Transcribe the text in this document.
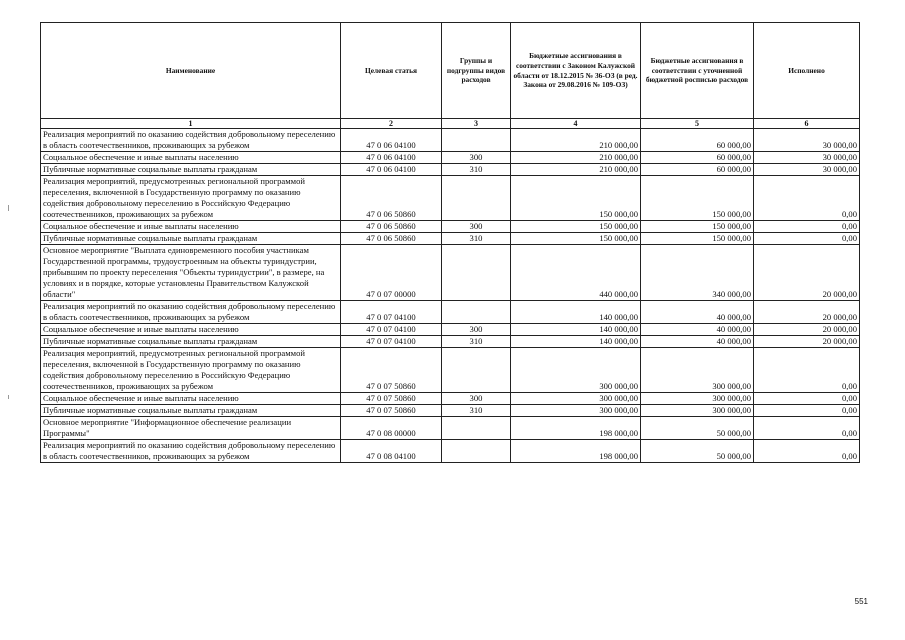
Наименование	Целевая статья	Группы и подгруппы видов расходов	Бюджетные ассигнования в соответствии с Законом Калужской области от 18.12.2015 № 36-ОЗ (в ред. Закона от 29.08.2016 № 109-ОЗ)	Бюджетные ассигнования в соответствии с уточненной бюджетной росписью расходов	Исполнено
1	2	3	4	5	6
Реализация мероприятий по оказанию содействия добровольному переселению в область соотечественников, проживающих за рубежом	47 0 06 04100		210 000,00	60 000,00	30 000,00
Социальное обеспечение и иные выплаты населению	47 0 06 04100	300	210 000,00	60 000,00	30 000,00
Публичные нормативные социальные выплаты гражданам	47 0 06 04100	310	210 000,00	60 000,00	30 000,00
Реализация мероприятий, предусмотренных региональной программой переселения, включенной в Государственную программу по оказанию содействия добровольному переселению в Российскую Федерацию соотечественников, проживающих за рубежом	47 0 06 50860		150 000,00	150 000,00	0,00
Социальное обеспечение и иные выплаты населению	47 0 06 50860	300	150 000,00	150 000,00	0,00
Публичные нормативные социальные выплаты гражданам	47 0 06 50860	310	150 000,00	150 000,00	0,00
Основное мероприятие "Выплата единовременного пособия участникам Государственной программы, трудоустроенным на объекты туриндустрии, прибывшим по проекту переселения "Объекты туриндустрии", в размере, на условиях и в порядке, которые установлены Правительством Калужской области"	47 0 07 00000		440 000,00	340 000,00	20 000,00
Реализация мероприятий по оказанию содействия добровольному переселению в область соотечественников, проживающих за рубежом	47 0 07 04100		140 000,00	40 000,00	20 000,00
Социальное обеспечение и иные выплаты населению	47 0 07 04100	300	140 000,00	40 000,00	20 000,00
Публичные нормативные социальные выплаты гражданам	47 0 07 04100	310	140 000,00	40 000,00	20 000,00
Реализация мероприятий, предусмотренных региональной программой переселения, включенной в Государственную программу по оказанию содействия добровольному переселению в Российскую Федерацию соотечественников, проживающих за рубежом	47 0 07 50860		300 000,00	300 000,00	0,00
Социальное обеспечение и иные выплаты населению	47 0 07 50860	300	300 000,00	300 000,00	0,00
Публичные нормативные социальные выплаты гражданам	47 0 07 50860	310	300 000,00	300 000,00	0,00
Основное мероприятие "Информационное обеспечение реализации Программы"	47 0 08 00000		198 000,00	50 000,00	0,00
Реализация мероприятий по оказанию содействия добровольному переселению в область соотечественников, проживающих за рубежом	47 0 08 04100		198 000,00	50 000,00	0,00
551
